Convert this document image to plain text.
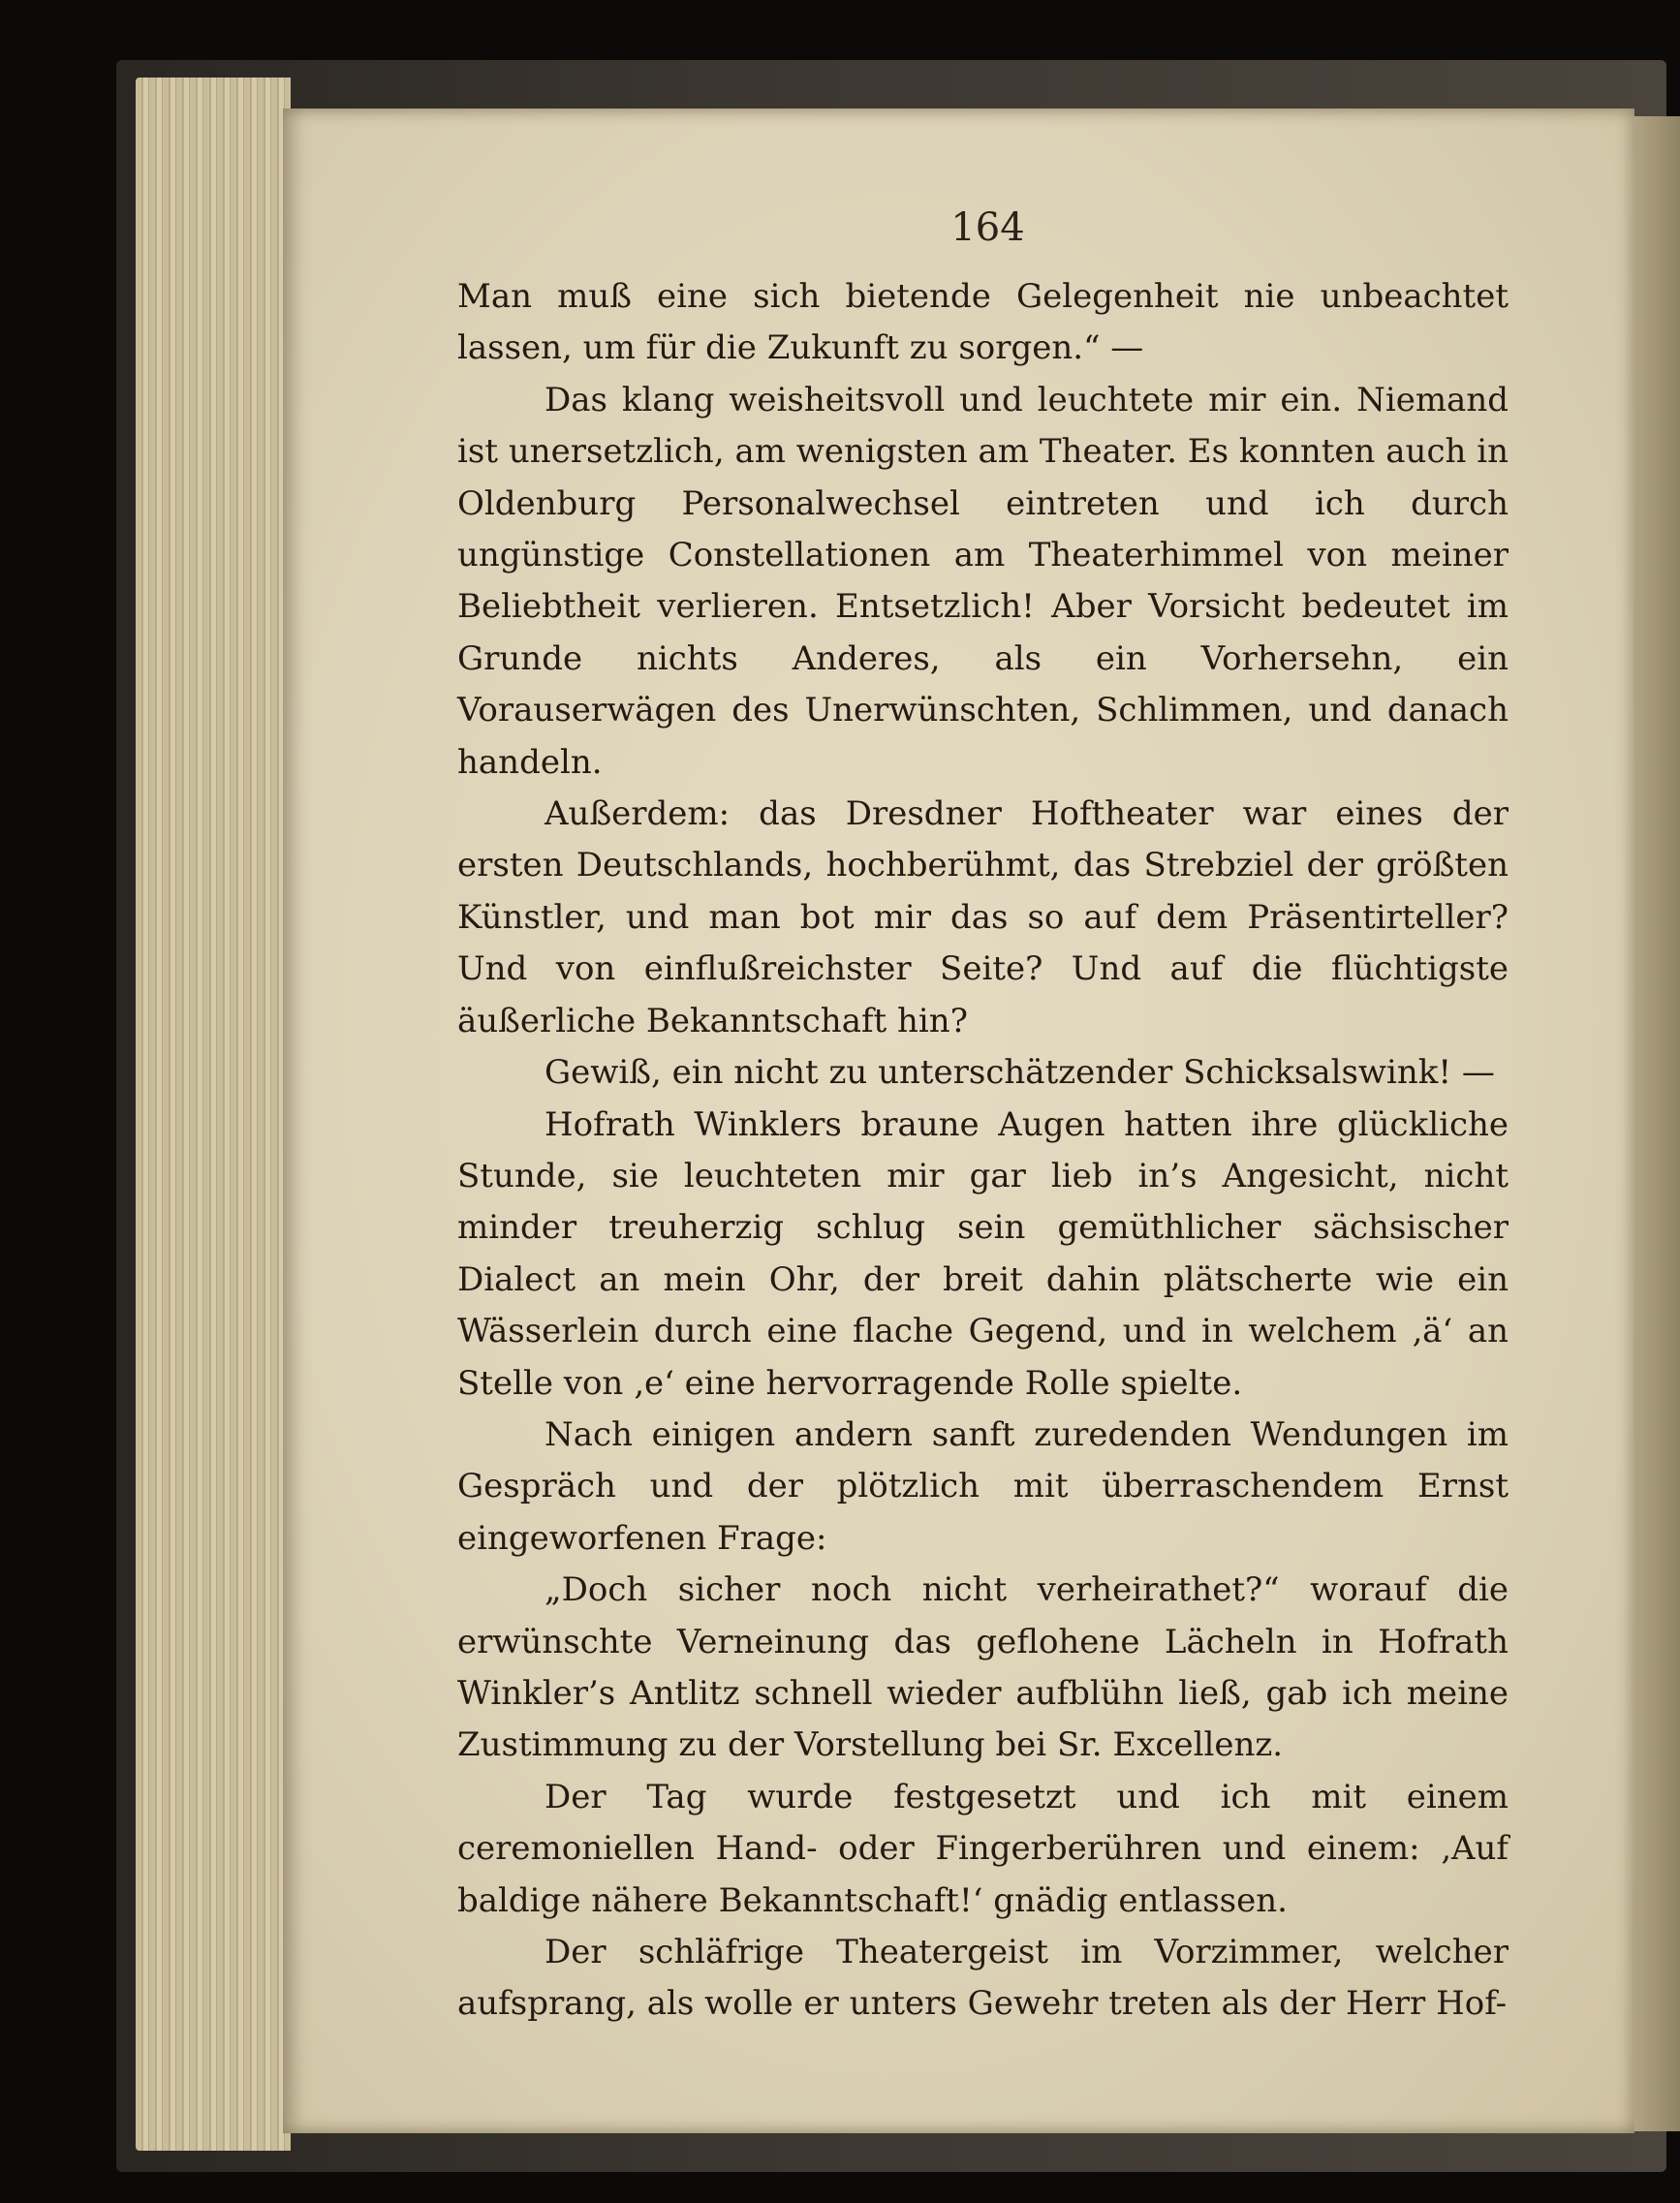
164

Man muß eine sich bietende Gelegenheit nie unbeachtet lassen, um für die Zukunft zu sorgen.“ —

Das klang weisheitsvoll und leuchtete mir ein. Niemand ist unersetzlich, am wenigsten am Theater. Es konnten auch in Oldenburg Personalwechsel eintreten und ich durch ungünstige Constellationen am Theaterhimmel von meiner Beliebtheit verlieren. Entsetzlich! Aber Vorsicht bedeutet im Grunde nichts Anderes, als ein Vorhersehn, ein Vorauserwägen des Unerwünschten, Schlimmen, und danach handeln.

Außerdem: das Dresdner Hoftheater war eines der ersten Deutschlands, hochberühmt, das Strebziel der größten Künstler, und man bot mir das so auf dem Präsentirteller? Und von einflußreichster Seite? Und auf die flüchtigste äußerliche Bekanntschaft hin?

Gewiß, ein nicht zu unterschätzender Schicksalswink! —

Hofrath Winklers braune Augen hatten ihre glückliche Stunde, sie leuchteten mir gar lieb in’s Angesicht, nicht minder treuherzig schlug sein gemüthlicher sächsischer Dialect an mein Ohr, der breit dahin plätscherte wie ein Wässerlein durch eine flache Gegend, und in welchem ‚ä‘ an Stelle von ‚e‘ eine hervorragende Rolle spielte.

Nach einigen andern sanft zuredenden Wendungen im Gespräch und der plötzlich mit überraschendem Ernst eingeworfenen Frage:

„Doch sicher noch nicht verheirathet?“ worauf die erwünschte Verneinung das geflohene Lächeln in Hofrath Winkler’s Antlitz schnell wieder aufblühn ließ, gab ich meine Zustimmung zu der Vorstellung bei Sr. Excellenz.

Der Tag wurde festgesetzt und ich mit einem ceremoniellen Hand- oder Fingerberühren und einem: ‚Auf baldige nähere Bekanntschaft!‘ gnädig entlassen.

Der schläfrige Theatergeist im Vorzimmer, welcher aufsprang, als wolle er unters Gewehr treten als der Herr Hof-
